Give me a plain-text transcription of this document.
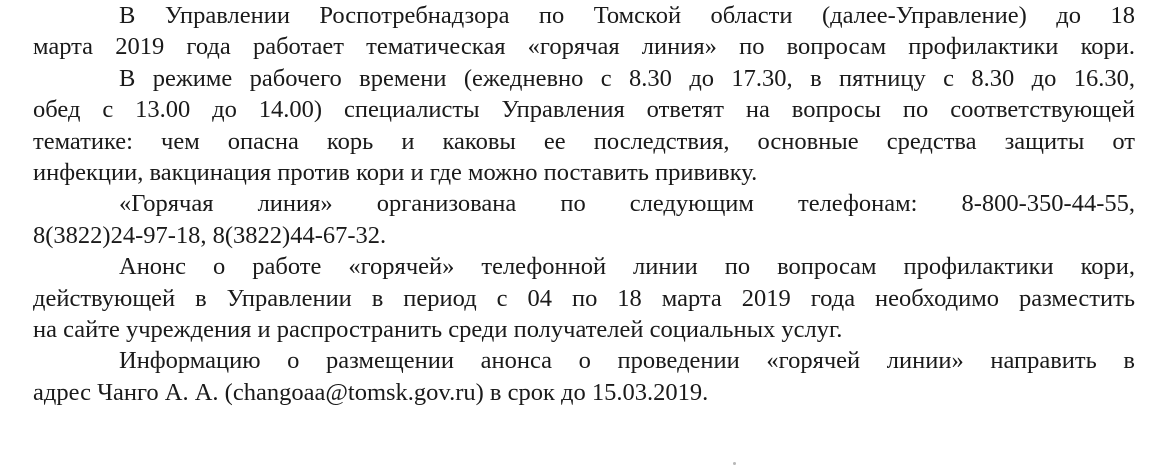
В Управлении Роспотребнадзора по Томской области (далее-Управление) до 18
марта 2019 года работает тематическая «горячая линия» по вопросам профилактики кори.

В режиме рабочего времени (ежедневно с 8.30 до 17.30, в пятницу с 8.30 до 16.30,
обед с 13.00 до 14.00) специалисты Управления ответят на вопросы по соответствующей
тематике: чем опасна корь и каковы ее последствия, основные средства защиты от
инфекции, вакцинация против кори и где можно поставить прививку.

«Горячая линия» организована по следующим телефонам: 8-800-350-44-55,
8(3822)24-97-18, 8(3822)44-67-32.

Анонс о работе «горячей» телефонной линии по вопросам профилактики кори,
действующей в Управлении в период с 04 по 18 марта 2019 года необходимо разместить
на сайте учреждения и распространить среди получателей социальных услуг.

Информацию о размещении анонса о проведении «горячей линии» направить в
адрес Чанго А. А. (changoaa@tomsk.gov.ru) в срок до 15.03.2019.
